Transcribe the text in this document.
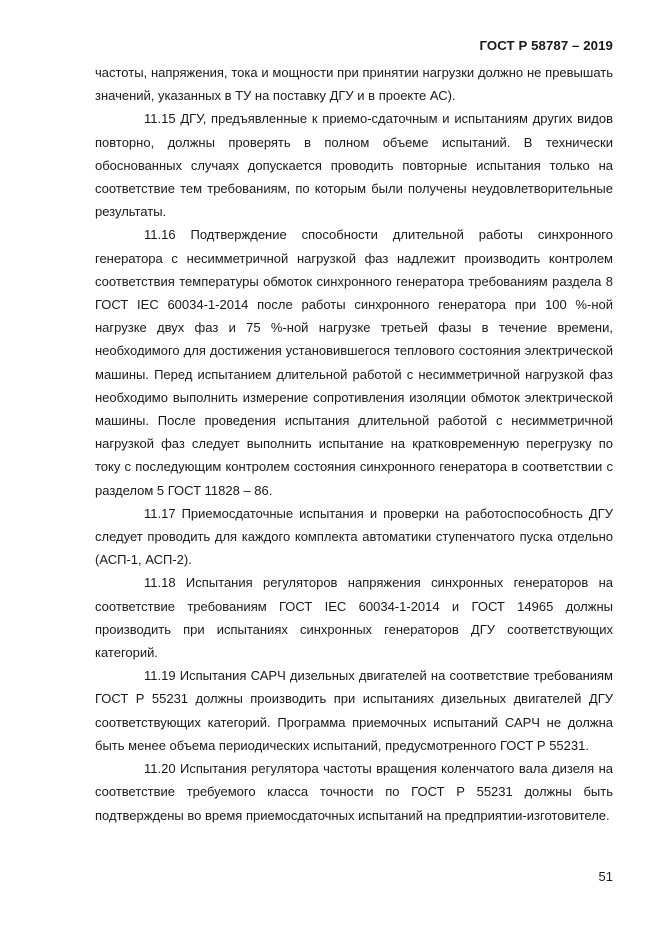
ГОСТ Р 58787 – 2019

частоты, напряжения, тока и мощности при принятии нагрузки должно не превышать значений, указанных в ТУ на поставку ДГУ и в проекте АС).

11.15 ДГУ, предъявленные к приемо-сдаточным и испытаниям других видов повторно, должны проверять в полном объеме испытаний. В технически обоснованных случаях допускается проводить повторные испытания только на соответствие тем требованиям, по которым были получены неудовлетворительные результаты.

11.16 Подтверждение способности длительной работы синхронного генератора с несимметричной нагрузкой фаз надлежит производить контролем соответствия температуры обмоток синхронного генератора требованиям раздела 8 ГОСТ IEC 60034-1-2014 после работы синхронного генератора при 100 %-ной нагрузке двух фаз и 75 %-ной нагрузке третьей фазы в течение времени, необходимого для достижения установившегося теплового состояния электрической машины. Перед испытанием длительной работой с несимметричной нагрузкой фаз необходимо выполнить измерение сопротивления изоляции обмоток электрической машины. После проведения испытания длительной работой с несимметричной нагрузкой фаз следует выполнить испытание на кратковременную перегрузку по току с последующим контролем состояния синхронного генератора в соответствии с разделом 5 ГОСТ 11828 – 86.

11.17 Приемосдаточные испытания и проверки на работоспособность ДГУ следует проводить для каждого комплекта автоматики ступенчатого пуска отдельно (АСП-1, АСП-2).

11.18 Испытания регуляторов напряжения синхронных генераторов на соответствие требованиям ГОСТ IEC 60034-1-2014 и ГОСТ 14965 должны производить при испытаниях синхронных генераторов ДГУ соответствующих категорий.

11.19 Испытания САРЧ дизельных двигателей на соответствие требованиям ГОСТ Р 55231 должны производить при испытаниях дизельных двигателей ДГУ соответствующих категорий. Программа приемочных испытаний САРЧ не должна быть менее объема периодических испытаний, предусмотренного ГОСТ Р 55231.

11.20 Испытания регулятора частоты вращения коленчатого вала дизеля на соответствие требуемого класса точности по ГОСТ Р 55231 должны быть подтверждены во время приемосдаточных испытаний на предприятии-изготовителе.

51
